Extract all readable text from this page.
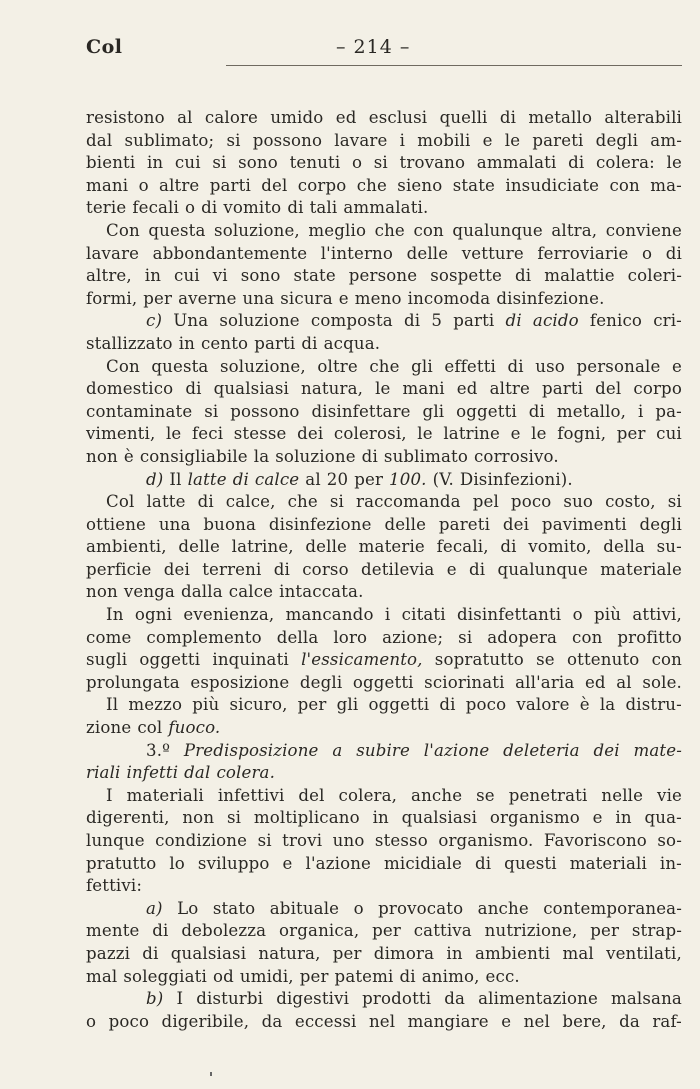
Col	– 214 –
resistono al calore umido ed esclusi quelli di metallo alterabili
dal sublimato; si possono lavare i mobili e le pareti degli am-
bienti in cui si sono tenuti o si trovano ammalati di colera: le
mani o altre parti del corpo che sieno state insudiciate con ma-
terie fecali o di vomito di tali ammalati.
Con questa soluzione, meglio che con qualunque altra, conviene
lavare abbondantemente l'interno delle vetture ferroviarie o di
altre, in cui vi sono state persone sospette di malattie coleri-
formi, per averne una sicura e meno incomoda disinfezione.
c) Una soluzione composta di 5 parti di acido fenico cri-
stallizzato in cento parti di acqua.
Con questa soluzione, oltre che gli effetti di uso personale e
domestico di qualsiasi natura, le mani ed altre parti del corpo
contaminate si possono disinfettare gli oggetti di metallo, i pa-
vimenti, le feci stesse dei colerosi, le latrine e le fogni, per cui
non è consigliabile la soluzione di sublimato corrosivo.
d) Il latte di calce al 20 per 100. (V. Disinfezioni).
Col latte di calce, che si raccomanda pel poco suo costo, si
ottiene una buona disinfezione delle pareti dei pavimenti degli
ambienti, delle latrine, delle materie fecali, di vomito, della su-
perficie dei terreni di corso detilevia e di qualunque materiale
non venga dalla calce intaccata.
In ogni evenienza, mancando i citati disinfettanti o più attivi,
come complemento della loro azione; si adopera con profitto
sugli oggetti inquinati l'essicamento, sopratutto se ottenuto con
prolungata esposizione degli oggetti sciorinati all'aria ed al sole.
Il mezzo più sicuro, per gli oggetti di poco valore è la distru-
zione col fuoco.
3.º Predisposizione a subire l'azione deleteria dei mate-
riali infetti dal colera.
I materiali infettivi del colera, anche se penetrati nelle vie
digerenti, non si moltiplicano in qualsiasi organismo e in qua-
lunque condizione si trovi uno stesso organismo. Favoriscono so-
pratutto lo sviluppo e l'azione micidiale di questi materiali in-
fettivi:
a) Lo stato abituale o provocato anche contemporanea-
mente di debolezza organica, per cattiva nutrizione, per strap-
pazzi di qualsiasi natura, per dimora in ambienti mal ventilati,
mal soleggiati od umidi, per patemi di animo, ecc.
b) I disturbi digestivi prodotti da alimentazione malsana
o poco digeribile, da eccessi nel mangiare e nel bere, da raf-
